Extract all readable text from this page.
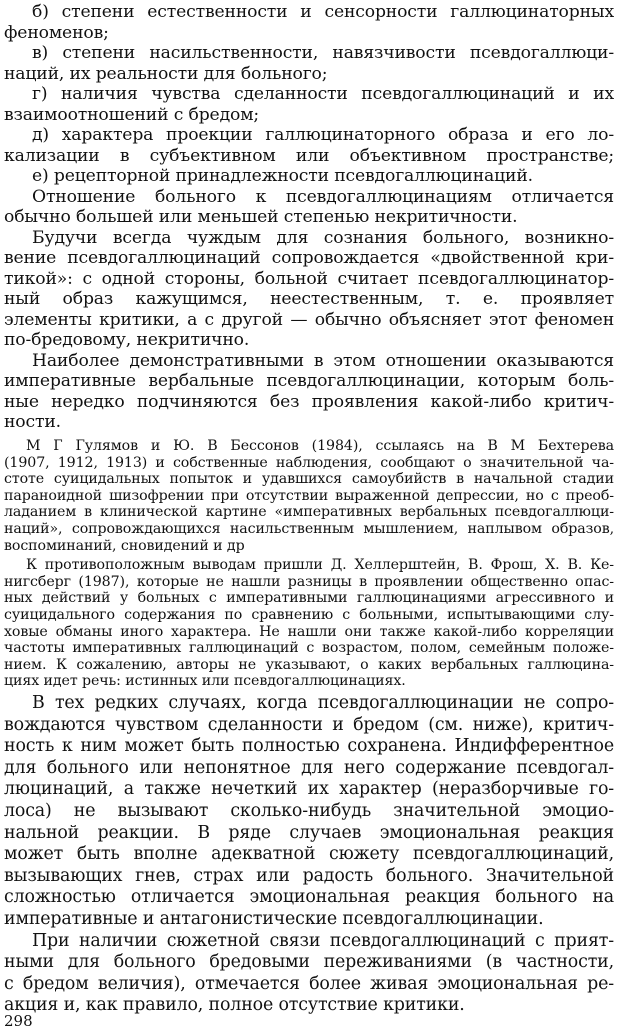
б) степени естественности и сенсорности галлюцинаторных
феноменов;
в) степени насильственности, навязчивости псевдогаллюци-
наций, их реальности для больного;
г) наличия чувства сделанности псевдогаллюцинаций и их
взаимоотношений с бредом;
д) характера проекции галлюцинаторного образа и его ло-
кализации в субъективном или объективном пространстве;
е) рецепторной принадлежности псевдогаллюцинаций.
Отношение больного к псевдогаллюцинациям отличается
обычно большей или меньшей степенью некритичности.
Будучи всегда чуждым для сознания больного, возникно-
вение псевдогаллюцинаций сопровождается «двойственной кри-
тикой»: с одной стороны, больной считает псевдогаллюцинатор-
ный образ кажущимся, неестественным, т. е. проявляет
элементы критики, а с другой — обычно объясняет этот феномен
по-бредовому, некритично.
Наиболее демонстративными в этом отношении оказываются
императивные вербальные псевдогаллюцинации, которым боль-
ные нередко подчиняются без проявления какой-либо критич-
ности.
М Г Гулямов и Ю. В Бессонов (1984), ссылаясь на В М Бехтерева
(1907, 1912, 1913) и собственные наблюдения, сообщают о значительной ча-
стоте суицидальных попыток и удавшихся самоубийств в начальной стадии
параноидной шизофрении при отсутствии выраженной депрессии, но с преоб-
ладанием в клинической картине «императивных вербальных псевдогаллюци-
наций», сопровождающихся насильственным мышлением, наплывом образов,
воспоминаний, сновидений и др
К противоположным выводам пришли Д. Хеллерштейн, В. Фрош, Х. В. Ке-
нигсберг (1987), которые не нашли разницы в проявлении общественно опас-
ных действий у больных с императивными галлюцинациями агрессивного и
суицидального содержания по сравнению с больными, испытывающими слу-
ховые обманы иного характера. Не нашли они также какой-либо корреляции
частоты императивных галлюцинаций с возрастом, полом, семейным положе-
нием. К сожалению, авторы не указывают, о каких вербальных галлюцина-
циях идет речь: истинных или псевдогаллюцинациях.
В тех редких случаях, когда псевдогаллюцинации не сопро-
вождаются чувством сделанности и бредом (см. ниже), критич-
ность к ним может быть полностью сохранена. Индифферентное
для больного или непонятное для него содержание псевдогал-
люцинаций, а также нечеткий их характер (неразборчивые го-
лоса) не вызывают сколько-нибудь значительной эмоцио-
нальной реакции. В ряде случаев эмоциональная реакция
может быть вполне адекватной сюжету псевдогаллюцинаций,
вызывающих гнев, страх или радость больного. Значительной
сложностью отличается эмоциональная реакция больного на
императивные и антагонистические псевдогаллюцинации.
При наличии сюжетной связи псевдогаллюцинаций с прият-
ными для больного бредовыми переживаниями (в частности,
с бредом величия), отмечается более живая эмоциональная ре-
акция и, как правило, полное отсутствие критики.
298
